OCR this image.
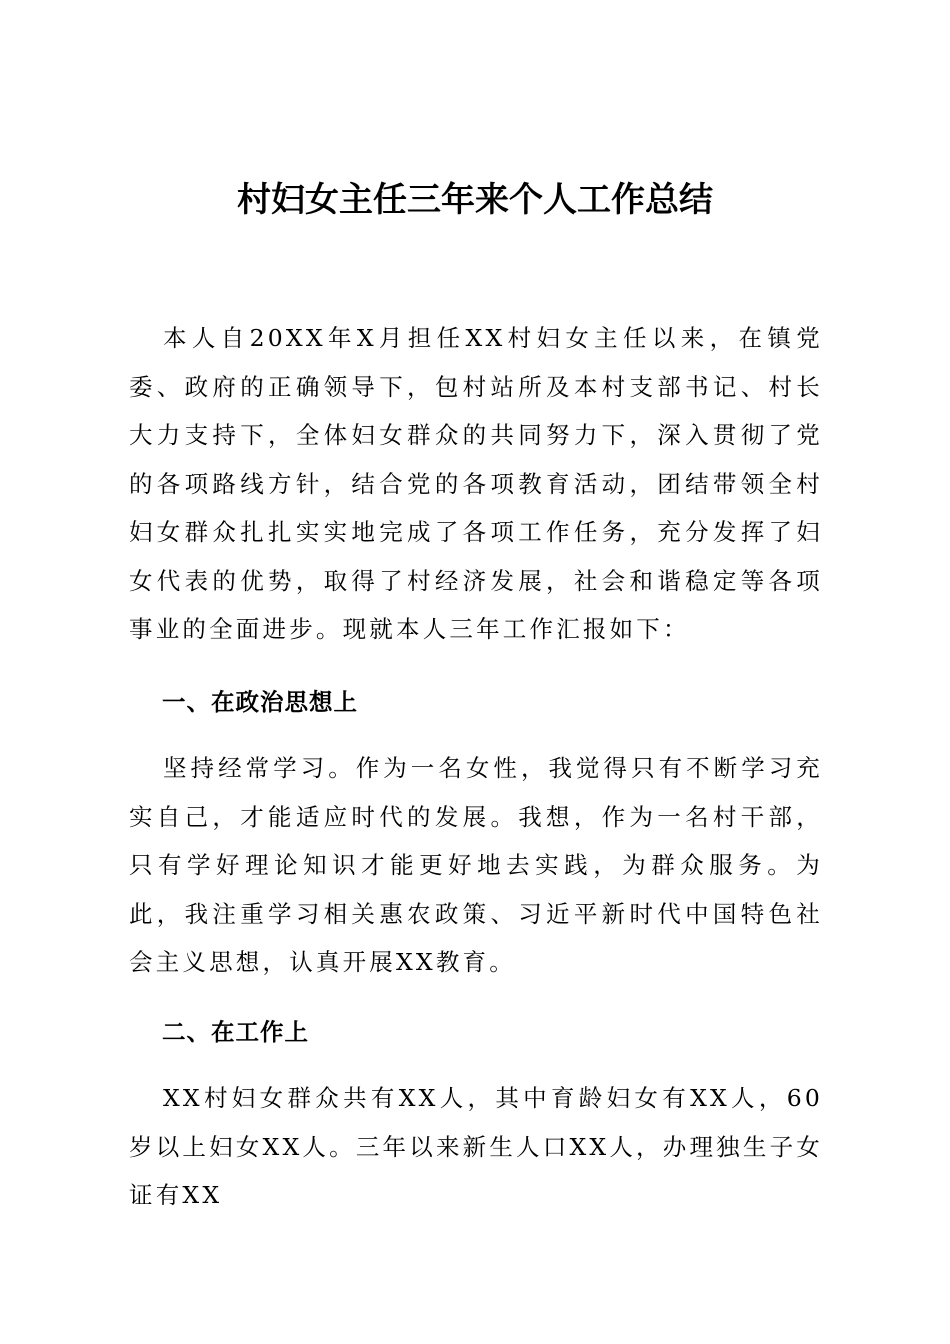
村妇女主任三年来个人工作总结

本人自20XX年X月担任XX村妇女主任以来，在镇党委、政府的正确领导下，包村站所及本村支部书记、村长大力支持下，全体妇女群众的共同努力下，深入贯彻了党的各项路线方针，结合党的各项教育活动，团结带领全村妇女群众扎扎实实地完成了各项工作任务，充分发挥了妇女代表的优势，取得了村经济发展，社会和谐稳定等各项事业的全面进步。现就本人三年工作汇报如下：

一、在政治思想上

坚持经常学习。作为一名女性，我觉得只有不断学习充实自己，才能适应时代的发展。我想，作为一名村干部，只有学好理论知识才能更好地去实践，为群众服务。为此，我注重学习相关惠农政策、习近平新时代中国特色社会主义思想，认真开展XX教育。

二、在工作上

XX村妇女群众共有XX人，其中育龄妇女有XX人，60岁以上妇女XX人。三年以来新生人口XX人，办理独生子女证有XX
